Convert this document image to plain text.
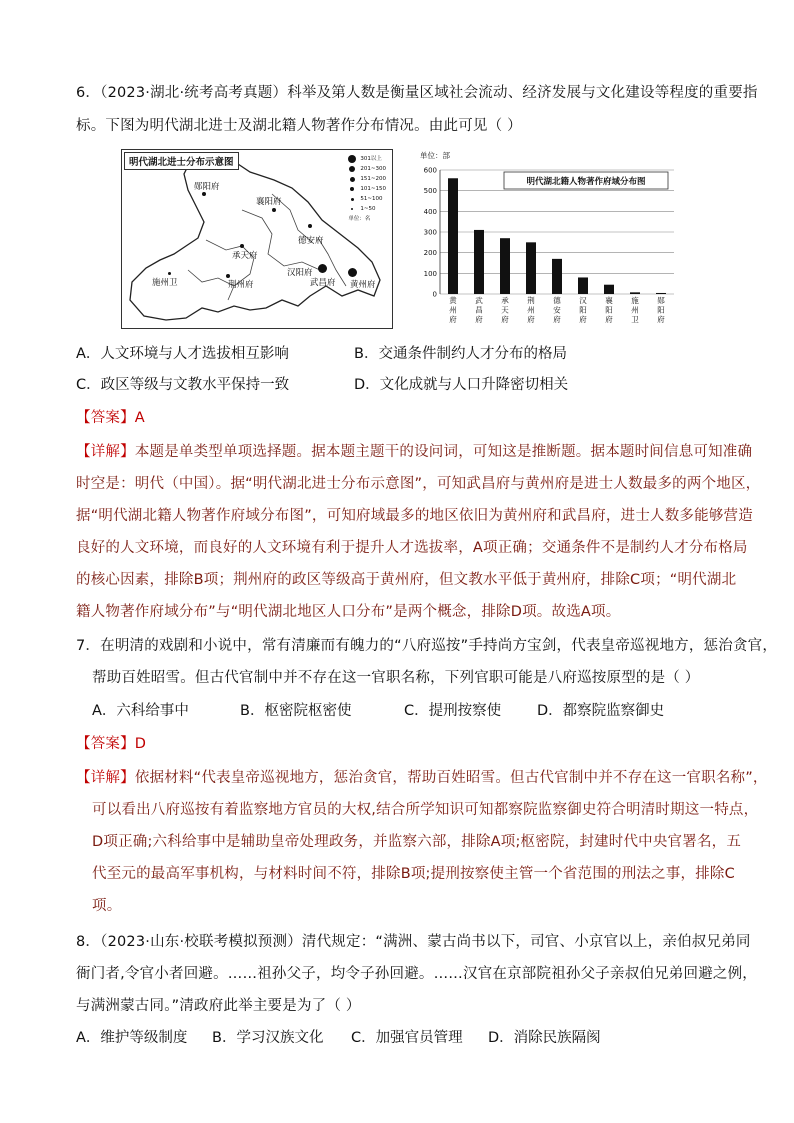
6．（2023·湖北·统考高考真题）科举及第人数是衡量区域社会流动、经济发展与文化建设等程度的重要指
标。下图为明代湖北进士及湖北籍人物著作分布情况。由此可见（ ）
明代湖北进士分布示意图	301以上
201~300
151~200
101~150
51~100
1~50
单位：名
郧阳府
襄阳府
德安府
承天府
施州卫	荆州府
汉阳府
武昌府 黄州府
单位：部
0
100
200
300
400
500
600
明代湖北籍人物著作府域分布图
黄州府
武昌府
承天府
荆州府
德安府
汉阳府
襄阳府
施州卫
郧阳府
A．人文环境与人才选拔相互影响	B．交通条件制约人才分布的格局
C．政区等级与文教水平保持一致	D．文化成就与人口升降密切相关
【答案】A
【详解】本题是单类型单项选择题。据本题主题干的设问词，可知这是推断题。据本题时间信息可知准确
时空是：明代（中国）。据“明代湖北进士分布示意图”，可知武昌府与黄州府是进士人数最多的两个地区，
据“明代湖北籍人物著作府域分布图”，可知府域最多的地区依旧为黄州府和武昌府，进士人数多能够营造
良好的人文环境，而良好的人文环境有利于提升人才选拔率，A项正确；交通条件不是制约人才分布格局
的核心因素，排除B项；荆州府的政区等级高于黄州府，但文教水平低于黄州府，排除C项；“明代湖北
籍人物著作府域分布”与“明代湖北地区人口分布”是两个概念，排除D项。故选A项。
7．在明清的戏剧和小说中，常有清廉而有魄力的“八府巡按”手持尚方宝剑，代表皇帝巡视地方，惩治贪官，
帮助百姓昭雪。但古代官制中并不存在这一官职名称，下列官职可能是八府巡按原型的是（ ）
A．六科给事中	B．枢密院枢密使	C．提刑按察使 D．都察院监察御史
【答案】D
【详解】依据材料“代表皇帝巡视地方，惩治贪官，帮助百姓昭雪。但古代官制中并不存在这一官职名称”，
可以看出八府巡按有着监察地方官员的大权,结合所学知识可知都察院监察御史符合明清时期这一特点，
D项正确;六科给事中是辅助皇帝处理政务，并监察六部，排除A项;枢密院，封建时代中央官署名，五
代至元的最高军事机构，与材料时间不符，排除B项;提刑按察使主管一个省范围的刑法之事，排除C
项。
8．（2023·山东·校联考模拟预测）清代规定：“满洲、蒙古尚书以下，司官、小京官以上，亲伯叔兄弟同
衙门者,令官小者回避。……祖孙父子，均令子孙回避。……汉官在京部院祖孙父子亲叔伯兄弟回避之例，
与满洲蒙古同。”清政府此举主要是为了（ ）
A．维护等级制度 B．学习汉族文化 C．加强官员管理 D．消除民族隔阂
